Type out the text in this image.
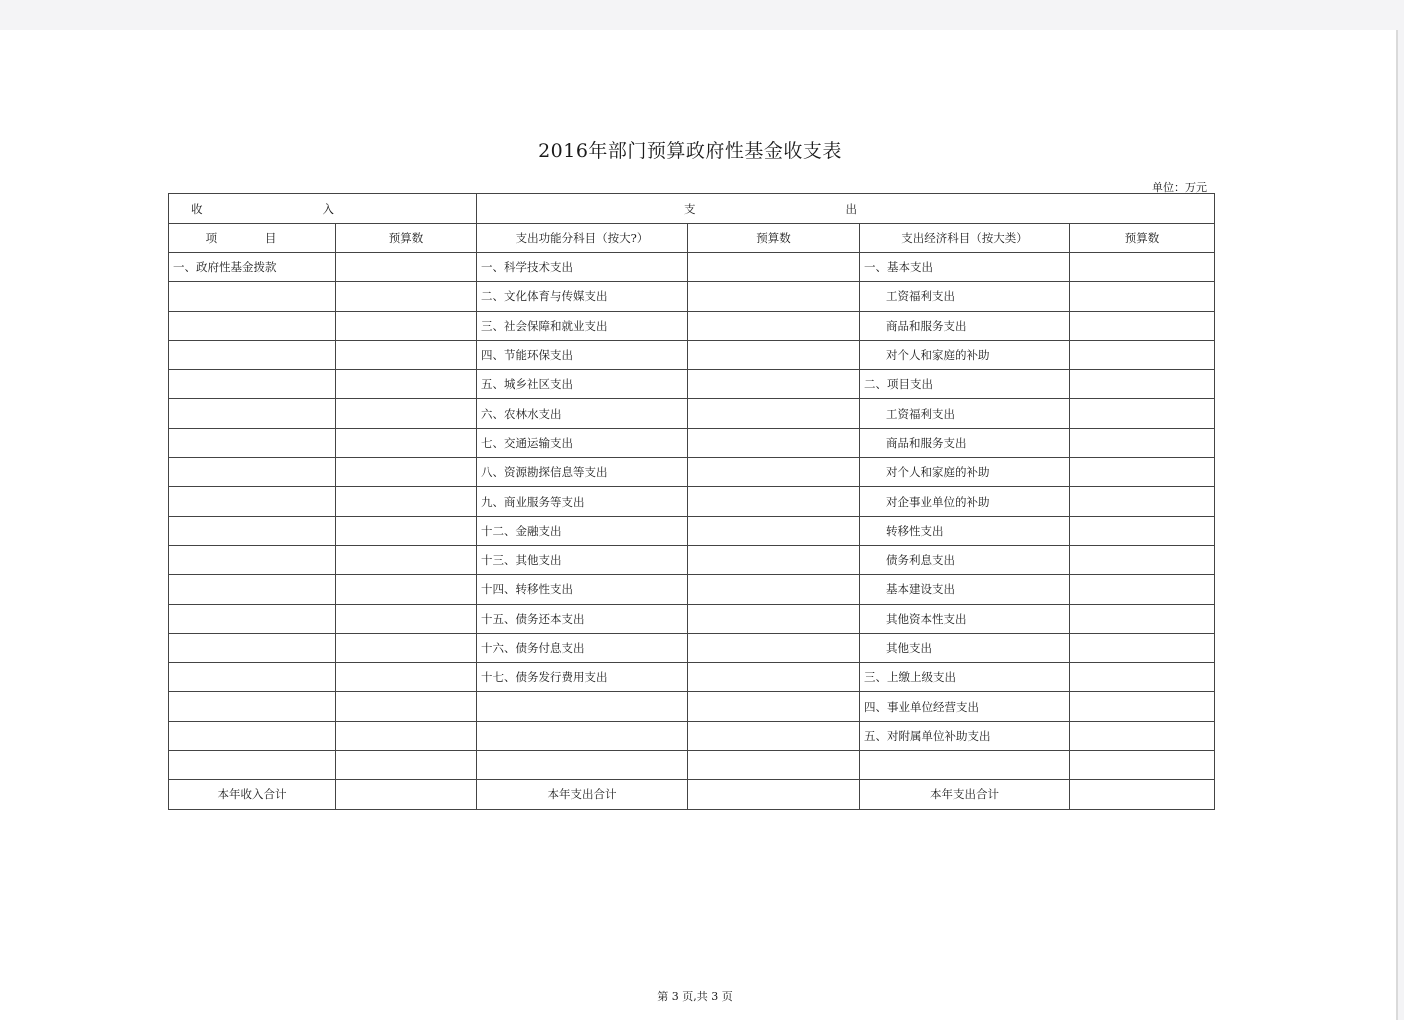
2016年部门预算政府性基金收支表
单位：万元
收入		支出			
项 目	预算数	支出功能分科目（按大?）	预算数	支出经济科目（按大类）	预算数
一、政府性基金拨款		一、科学技术支出		一、基本支出	
		二、文化体育与传媒支出		工资福利支出	
		三、社会保障和就业支出		商品和服务支出	
		四、节能环保支出		对个人和家庭的补助	
		五、城乡社区支出		二、项目支出	
		六、农林水支出		工资福利支出	
		七、交通运输支出		商品和服务支出	
		八、资源勘探信息等支出		对个人和家庭的补助	
		九、商业服务等支出		对企事业单位的补助	
		十二、金融支出		转移性支出	
		十三、其他支出		债务利息支出	
		十四、转移性支出		基本建设支出	
		十五、债务还本支出		其他资本性支出	
		十六、债务付息支出		其他支出	
		十七、债务发行费用支出		三、上缴上级支出	
				四、事业单位经营支出	
				五、对附属单位补助支出	

本年收入合计		本年支出合计		本年支出合计	
第 3 页,共 3 页
